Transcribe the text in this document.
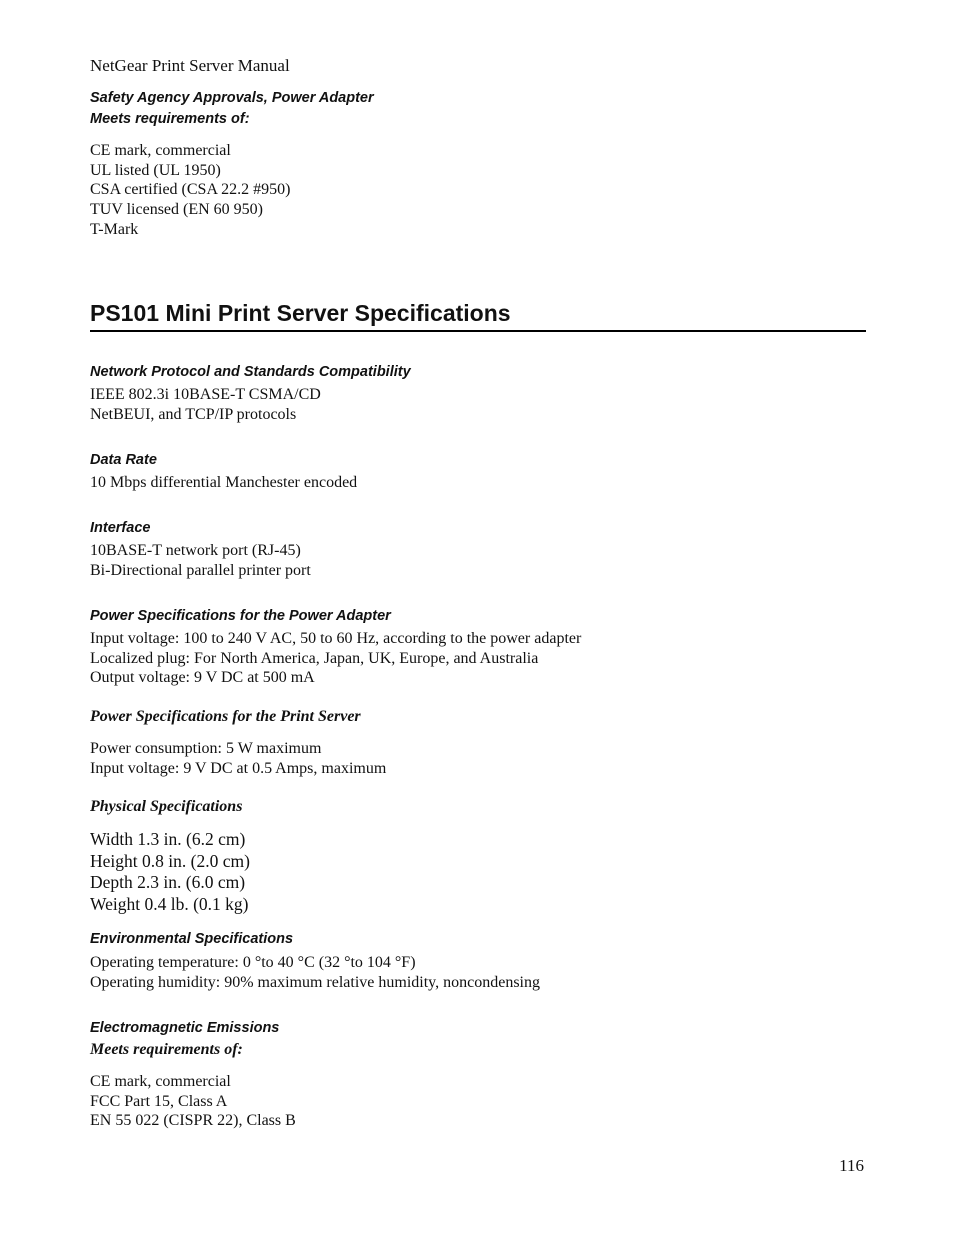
NetGear Print Server Manual
Safety Agency Approvals, Power Adapter
Meets requirements of:
CE mark, commercial
UL listed (UL 1950)
CSA certified (CSA 22.2 #950)
TUV licensed (EN 60 950)
T-Mark
PS101 Mini Print Server Specifications
Network Protocol and Standards Compatibility
IEEE 802.3i 10BASE-T CSMA/CD
NetBEUI, and TCP/IP protocols
Data Rate
10 Mbps differential Manchester encoded
Interface
10BASE-T network port (RJ-45)
Bi-Directional parallel printer port
Power Specifications for the Power Adapter
Input voltage: 100 to 240 V AC, 50 to 60 Hz, according to the power adapter
Localized plug: For North America, Japan, UK, Europe, and Australia
Output voltage: 9 V DC at 500 mA
Power Specifications for the Print Server
Power consumption: 5 W maximum
Input voltage: 9 V DC at 0.5 Amps, maximum
Physical Specifications
Width 1.3 in. (6.2 cm)
Height 0.8 in. (2.0 cm)
Depth 2.3 in. (6.0 cm)
Weight 0.4 lb. (0.1 kg)
Environmental Specifications
Operating temperature: 0 °to 40 °C (32 °to 104 °F)
Operating humidity: 90% maximum relative humidity, noncondensing
Electromagnetic Emissions
Meets requirements of:
CE mark, commercial
FCC Part 15, Class A
EN 55 022 (CISPR 22), Class B
116
